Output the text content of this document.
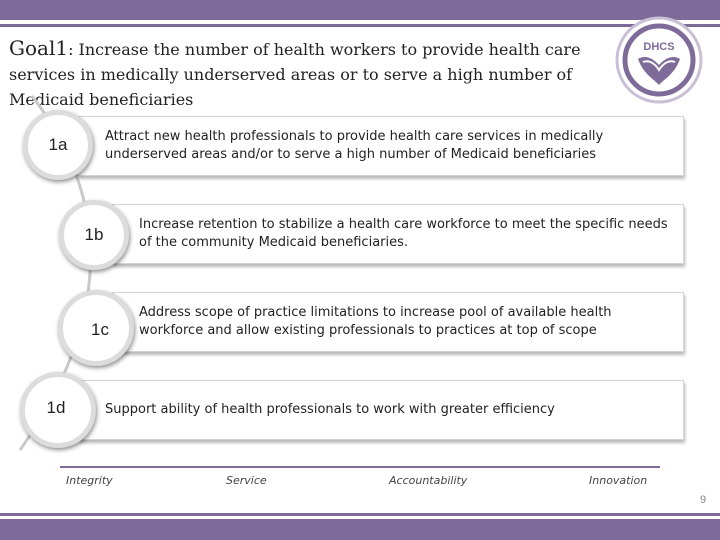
Goal1: Increase the number of health workers to provide health care services in medically underserved areas or to serve a high number of Medicaid beneficiaries
DHCS
Attract new health professionals to provide health care services in medically underserved areas and/or to serve a high number of Medicaid beneficiaries
1a
Increase retention to stabilize a health care workforce to meet the specific needs of the community Medicaid beneficiaries.
1b
Address scope of practice limitations to increase pool of available health workforce and allow existing professionals to practices at top of scope
1c
Support ability of health professionals to work with greater efficiency
1d
Integrity	Service	Accountability	Innovation
9
